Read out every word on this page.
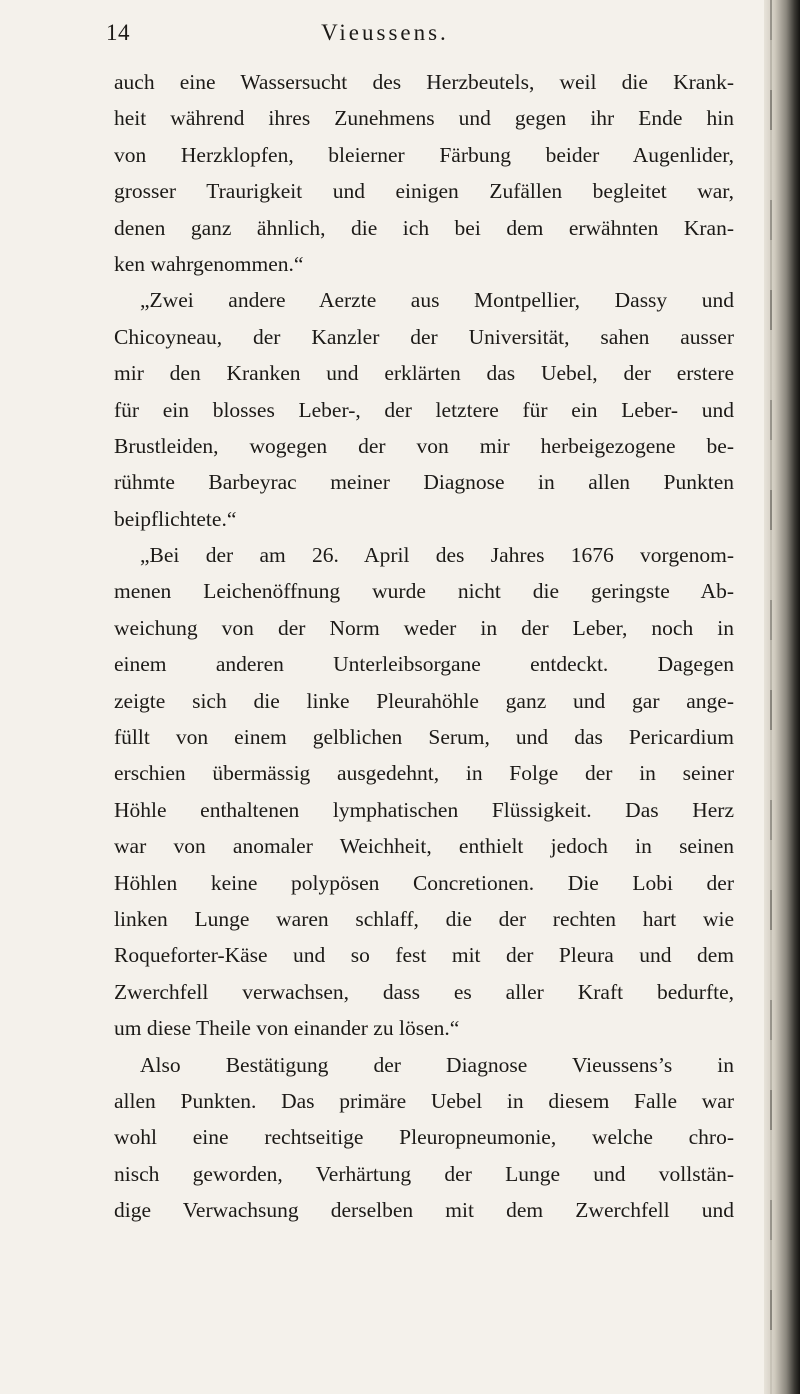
14	Vieussens.
auch eine Wassersucht des Herzbeutels, weil die Krank-
heit während ihres Zunehmens und gegen ihr Ende hin
von Herzklopfen, bleierner Färbung beider Augenlider,
grosser Traurigkeit und einigen Zufällen begleitet war,
denen ganz ähnlich, die ich bei dem erwähnten Kran-
ken wahrgenommen.“
„Zwei andere Aerzte aus Montpellier, Dassy und
Chicoyneau, der Kanzler der Universität, sahen ausser
mir den Kranken und erklärten das Uebel, der erstere
für ein blosses Leber-, der letztere für ein Leber- und
Brustleiden, wogegen der von mir herbeigezogene be-
rühmte Barbeyrac meiner Diagnose in allen Punkten
beipflichtete.“
„Bei der am 26. April des Jahres 1676 vorgenom-
menen Leichenöffnung wurde nicht die geringste Ab-
weichung von der Norm weder in der Leber, noch in
einem anderen Unterleibsorgane entdeckt. Dagegen
zeigte sich die linke Pleurahöhle ganz und gar ange-
füllt von einem gelblichen Serum, und das Pericardium
erschien übermässig ausgedehnt, in Folge der in seiner
Höhle enthaltenen lymphatischen Flüssigkeit. Das Herz
war von anomaler Weichheit, enthielt jedoch in seinen
Höhlen keine polypösen Concretionen. Die Lobi der
linken Lunge waren schlaff, die der rechten hart wie
Roqueforter-Käse und so fest mit der Pleura und dem
Zwerchfell verwachsen, dass es aller Kraft bedurfte,
um diese Theile von einander zu lösen.“
Also Bestätigung der Diagnose Vieussens’s in
allen Punkten. Das primäre Uebel in diesem Falle war
wohl eine rechtseitige Pleuropneumonie, welche chro-
nisch geworden, Verhärtung der Lunge und vollstän-
dige Verwachsung derselben mit dem Zwerchfell und
